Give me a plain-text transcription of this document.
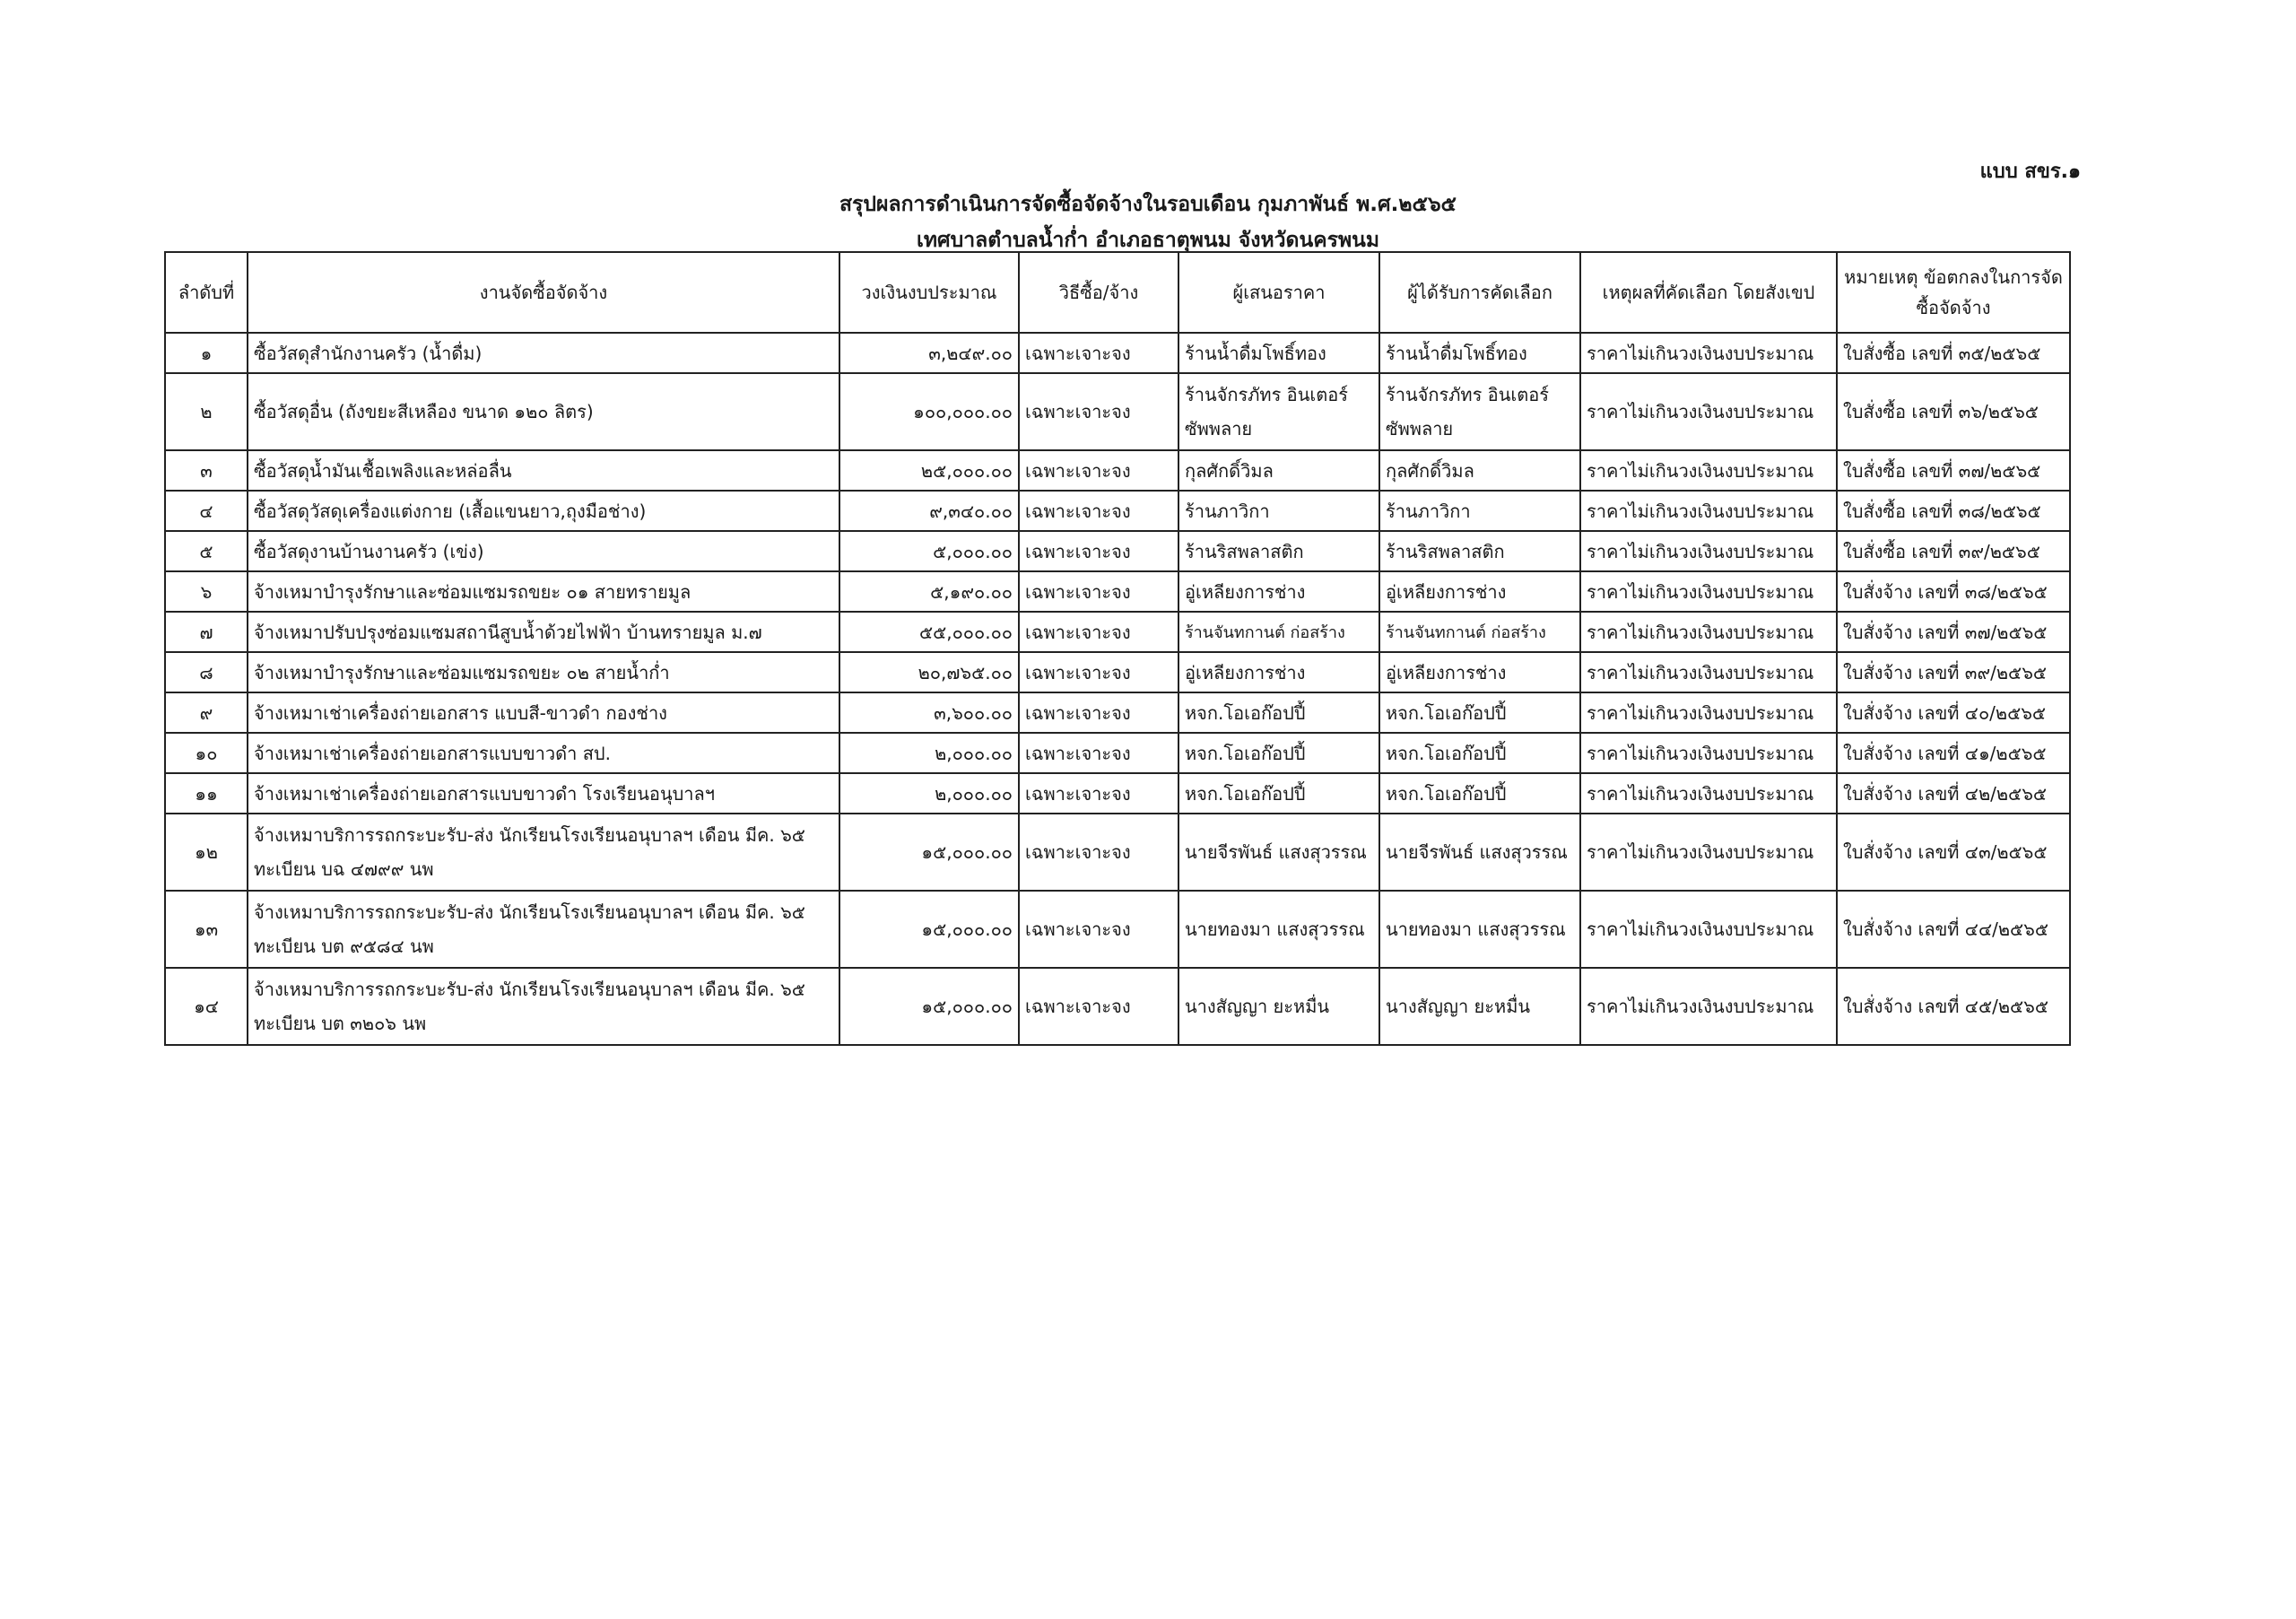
แบบ สขร.๑
สรุปผลการดำเนินการจัดซื้อจัดจ้างในรอบเดือน กุมภาพันธ์ พ.ศ.๒๕๖๕
เทศบาลตำบลน้ำก่ำ อำเภอธาตุพนม จังหวัดนครพนม
ลำดับที่	งานจัดซื้อจัดจ้าง	วงเงินงบประมาณ	วิธีซื้อ/จ้าง	ผู้เสนอราคา	ผู้ได้รับการคัดเลือก	เหตุผลที่คัดเลือก โดยสังเขป	หมายเหตุ ข้อตกลงในการจัดซื้อจัดจ้าง
๑	ซื้อวัสดุสำนักงานครัว (น้ำดื่ม)	๓,๒๔๙.๐๐	เฉพาะเจาะจง	ร้านน้ำดื่มโพธิ์ทอง	ร้านน้ำดื่มโพธิ์ทอง	ราคาไม่เกินวงเงินงบประมาณ	ใบสั่งซื้อ เลขที่ ๓๕/๒๕๖๕
๒	ซื้อวัสดุอื่น (ถังขยะสีเหลือง ขนาด ๑๒๐ ลิตร)	๑๐๐,๐๐๐.๐๐	เฉพาะเจาะจง	ร้านจักรภัทร อินเตอร์ ซัพพลาย	ร้านจักรภัทร อินเตอร์ ซัพพลาย	ราคาไม่เกินวงเงินงบประมาณ	ใบสั่งซื้อ เลขที่ ๓๖/๒๕๖๕
๓	ซื้อวัสดุน้ำมันเชื้อเพลิงและหล่อลื่น	๒๕,๐๐๐.๐๐	เฉพาะเจาะจง	กุลศักดิ์วิมล	กุลศักดิ์วิมล	ราคาไม่เกินวงเงินงบประมาณ	ใบสั่งซื้อ เลขที่ ๓๗/๒๕๖๕
๔	ซื้อวัสดุวัสดุเครื่องแต่งกาย (เสื้อแขนยาว,ถุงมือช่าง)	๙,๓๔๐.๐๐	เฉพาะเจาะจง	ร้านภาวิกา	ร้านภาวิกา	ราคาไม่เกินวงเงินงบประมาณ	ใบสั่งซื้อ เลขที่ ๓๘/๒๕๖๕
๕	ซื้อวัสดุงานบ้านงานครัว (เข่ง)	๕,๐๐๐.๐๐	เฉพาะเจาะจง	ร้านริสพลาสติก	ร้านริสพลาสติก	ราคาไม่เกินวงเงินงบประมาณ	ใบสั่งซื้อ เลขที่ ๓๙/๒๕๖๕
๖	จ้างเหมาบำรุงรักษาและซ่อมแซมรถขยะ ๐๑ สายทรายมูล	๕,๑๙๐.๐๐	เฉพาะเจาะจง	อู่เหลียงการช่าง	อู่เหลียงการช่าง	ราคาไม่เกินวงเงินงบประมาณ	ใบสั่งจ้าง เลขที่ ๓๘/๒๕๖๕
๗	จ้างเหมาปรับปรุงซ่อมแซมสถานีสูบน้ำด้วยไฟฟ้า บ้านทรายมูล ม.๗	๕๕,๐๐๐.๐๐	เฉพาะเจาะจง	ร้านจันทกานต์ ก่อสร้าง	ร้านจันทกานต์ ก่อสร้าง	ราคาไม่เกินวงเงินงบประมาณ	ใบสั่งจ้าง เลขที่ ๓๗/๒๕๖๕
๘	จ้างเหมาบำรุงรักษาและซ่อมแซมรถขยะ ๐๒ สายน้ำก่ำ	๒๐,๗๖๕.๐๐	เฉพาะเจาะจง	อู่เหลียงการช่าง	อู่เหลียงการช่าง	ราคาไม่เกินวงเงินงบประมาณ	ใบสั่งจ้าง เลขที่ ๓๙/๒๕๖๕
๙	จ้างเหมาเช่าเครื่องถ่ายเอกสาร แบบสี-ขาวดำ กองช่าง	๓,๖๐๐.๐๐	เฉพาะเจาะจง	หจก.โอเอก๊อปปี้	หจก.โอเอก๊อปปี้	ราคาไม่เกินวงเงินงบประมาณ	ใบสั่งจ้าง เลขที่ ๔๐/๒๕๖๕
๑๐	จ้างเหมาเช่าเครื่องถ่ายเอกสารแบบขาวดำ สป.	๒,๐๐๐.๐๐	เฉพาะเจาะจง	หจก.โอเอก๊อปปี้	หจก.โอเอก๊อปปี้	ราคาไม่เกินวงเงินงบประมาณ	ใบสั่งจ้าง เลขที่ ๔๑/๒๕๖๕
๑๑	จ้างเหมาเช่าเครื่องถ่ายเอกสารแบบขาวดำ โรงเรียนอนุบาลฯ	๒,๐๐๐.๐๐	เฉพาะเจาะจง	หจก.โอเอก๊อปปี้	หจก.โอเอก๊อปปี้	ราคาไม่เกินวงเงินงบประมาณ	ใบสั่งจ้าง เลขที่ ๔๒/๒๕๖๕
๑๒	จ้างเหมาบริการรถกระบะรับ-ส่ง นักเรียนโรงเรียนอนุบาลฯ เดือน มีค. ๖๕ ทะเบียน บฉ ๔๗๙๙ นพ	๑๕,๐๐๐.๐๐	เฉพาะเจาะจง	นายจีรพันธ์ แสงสุวรรณ	นายจีรพันธ์ แสงสุวรรณ	ราคาไม่เกินวงเงินงบประมาณ	ใบสั่งจ้าง เลขที่ ๔๓/๒๕๖๕
๑๓	จ้างเหมาบริการรถกระบะรับ-ส่ง นักเรียนโรงเรียนอนุบาลฯ เดือน มีค. ๖๕ ทะเบียน บต ๙๕๘๔ นพ	๑๕,๐๐๐.๐๐	เฉพาะเจาะจง	นายทองมา แสงสุวรรณ	นายทองมา แสงสุวรรณ	ราคาไม่เกินวงเงินงบประมาณ	ใบสั่งจ้าง เลขที่ ๔๔/๒๕๖๕
๑๔	จ้างเหมาบริการรถกระบะรับ-ส่ง นักเรียนโรงเรียนอนุบาลฯ เดือน มีค. ๖๕ ทะเบียน บต ๓๒๐๖ นพ	๑๕,๐๐๐.๐๐	เฉพาะเจาะจง	นางสัญญา ยะหมื่น	นางสัญญา ยะหมื่น	ราคาไม่เกินวงเงินงบประมาณ	ใบสั่งจ้าง เลขที่ ๔๕/๒๕๖๕
